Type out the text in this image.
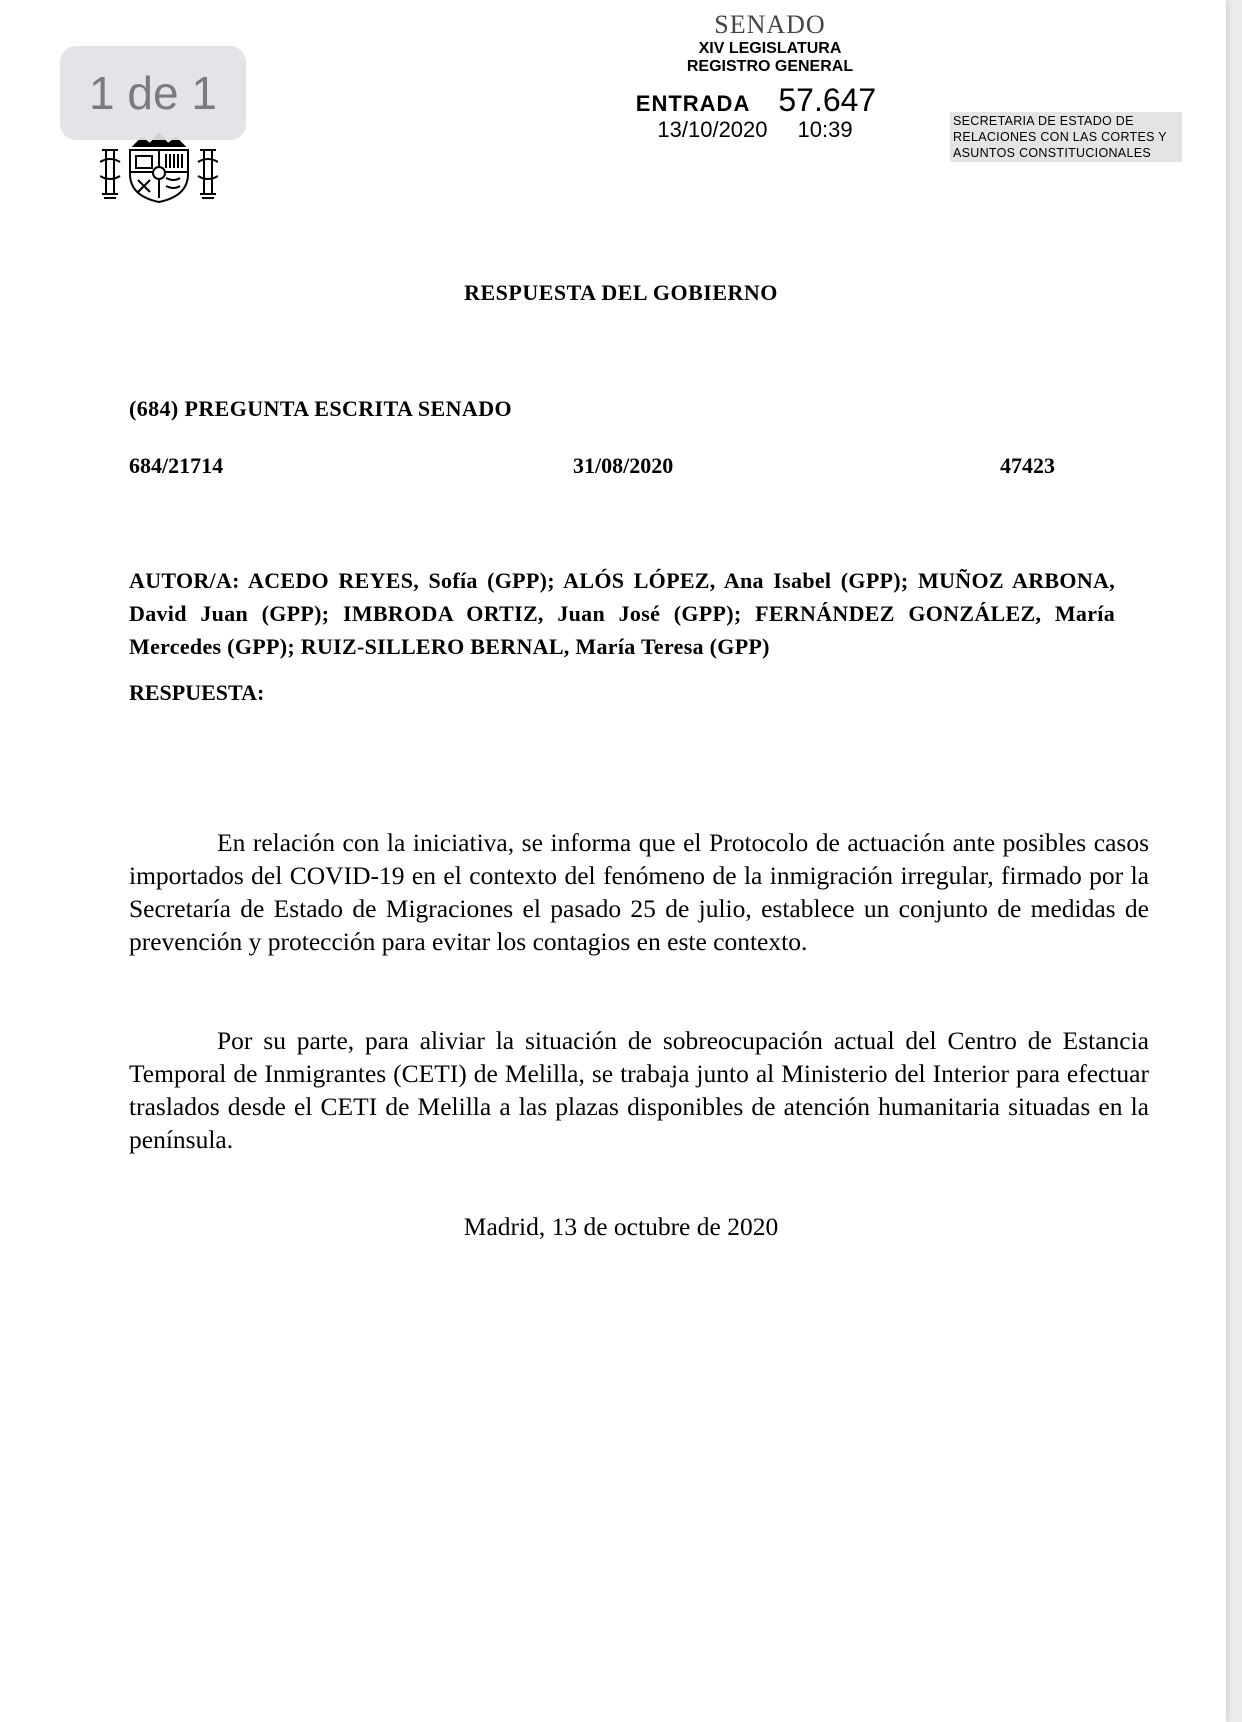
1 de 1
SENADO
XIV LEGISLATURA
REGISTRO GENERAL
ENTRADA 57.647
13/10/2020 10:39	SECRETARIA DE ESTADO DE
RELACIONES CON LAS CORTES Y
ASUNTOS CONSTITUCIONALES
RESPUESTA DEL GOBIERNO
(684) PREGUNTA ESCRITA SENADO
684/21714	31/08/2020	47423
AUTOR/A: ACEDO REYES, Sofía (GPP); ALÓS LÓPEZ, Ana Isabel (GPP); MUÑOZ ARBONA, David Juan (GPP); IMBRODA ORTIZ, Juan José (GPP); FERNÁNDEZ GONZÁLEZ, María Mercedes (GPP); RUIZ-SILLERO BERNAL, María Teresa (GPP)
RESPUESTA:
En relación con la iniciativa, se informa que el Protocolo de actuación ante posibles casos importados del COVID-19 en el contexto del fenómeno de la inmigración irregular, firmado por la Secretaría de Estado de Migraciones el pasado 25 de julio, establece un conjunto de medidas de prevención y protección para evitar los contagios en este contexto.
Por su parte, para aliviar la situación de sobreocupación actual del Centro de Estancia Temporal de Inmigrantes (CETI) de Melilla, se trabaja junto al Ministerio del Interior para efectuar traslados desde el CETI de Melilla a las plazas disponibles de atención humanitaria situadas en la península.
Madrid, 13 de octubre de 2020
